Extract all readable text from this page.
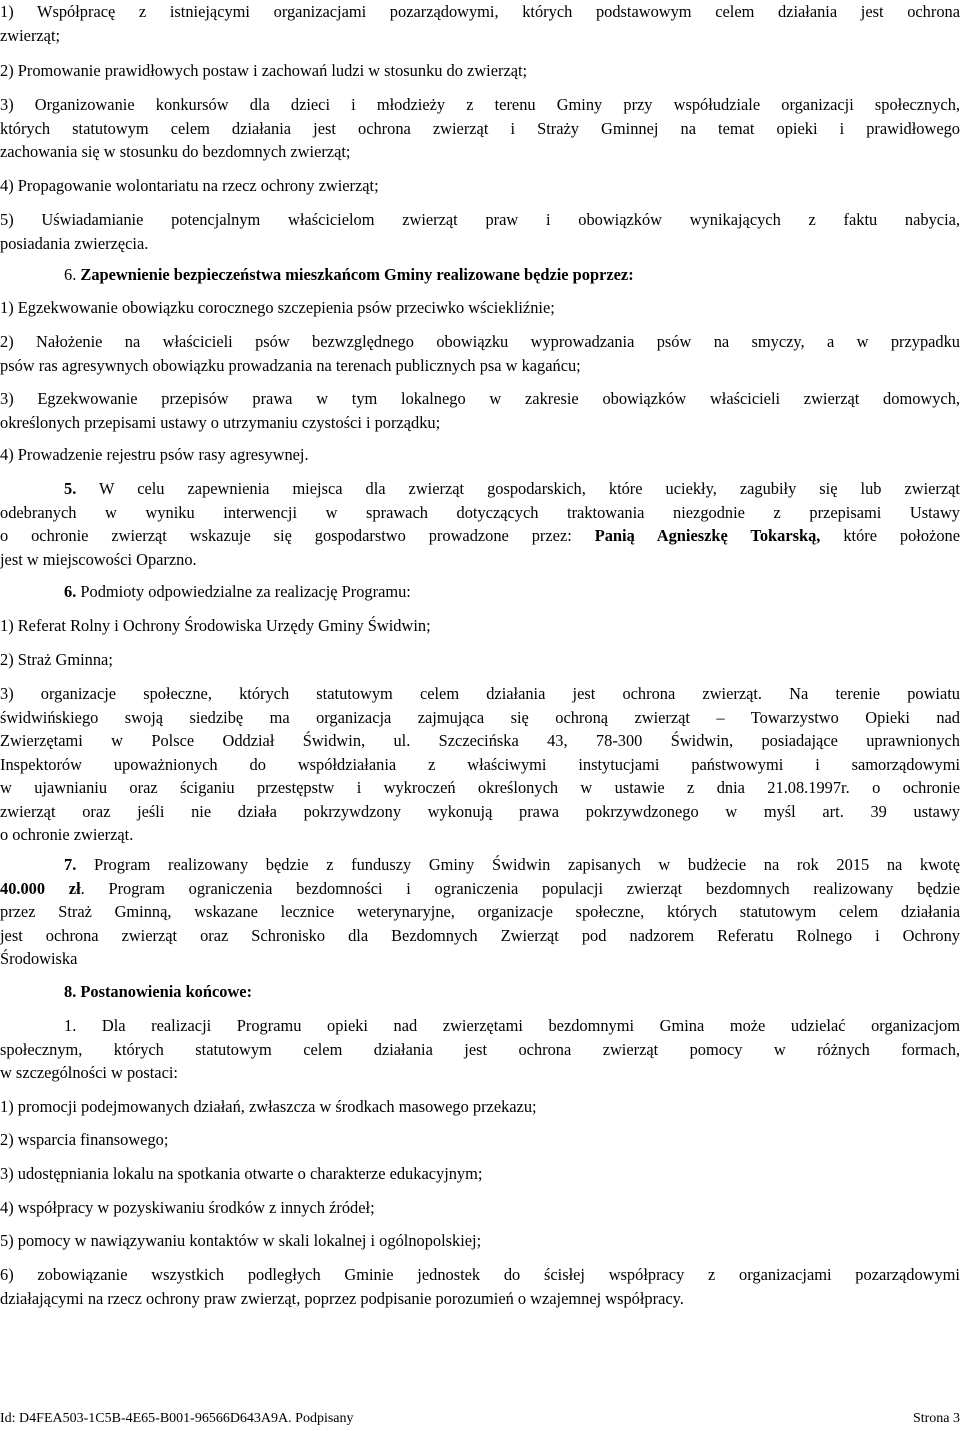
1) Współpracę z istniejącymi organizacjami pozarządowymi, których podstawowym celem działania jest ochrona
zwierząt;
2) Promowanie prawidłowych postaw i zachowań ludzi w stosunku do zwierząt;
3) Organizowanie konkursów dla dzieci i młodzieży z terenu Gminy przy współudziale organizacji społecznych,
których statutowym celem działania jest ochrona zwierząt i Straży Gminnej na temat opieki i prawidłowego
zachowania się w stosunku do bezdomnych zwierząt;
4) Propagowanie wolontariatu na rzecz ochrony zwierząt;
5) Uświadamianie potencjalnym właścicielom zwierząt praw i obowiązków wynikających z faktu nabycia,
posiadania zwierzęcia.
6. Zapewnienie bezpieczeństwa mieszkańcom Gminy realizowane będzie poprzez:
1) Egzekwowanie obowiązku corocznego szczepienia psów przeciwko wściekliźnie;
2) Nałożenie na właścicieli psów bezwzględnego obowiązku wyprowadzania psów na smyczy, a w przypadku
psów ras agresywnych obowiązku prowadzania na terenach publicznych psa w kagańcu;
3) Egzekwowanie przepisów prawa w tym lokalnego w zakresie obowiązków właścicieli zwierząt domowych,
określonych przepisami ustawy o utrzymaniu czystości i porządku;
4) Prowadzenie rejestru psów rasy agresywnej.
5. W celu zapewnienia miejsca dla zwierząt gospodarskich, które uciekły, zagubiły się lub zwierząt
odebranych w wyniku interwencji w sprawach dotyczących traktowania niezgodnie z przepisami Ustawy
o ochronie zwierząt wskazuje się gospodarstwo prowadzone przez: Panią Agnieszkę Tokarską, które położone
jest w miejscowości Oparzno.
6. Podmioty odpowiedzialne za realizację Programu:
1) Referat Rolny i Ochrony Środowiska Urzędy Gminy Świdwin;
2) Straż Gminna;
3) organizacje społeczne, których statutowym celem działania jest ochrona zwierząt. Na terenie powiatu
świdwińskiego swoją siedzibę ma organizacja zajmująca się ochroną zwierząt – Towarzystwo Opieki nad
Zwierzętami w Polsce Oddział Świdwin, ul. Szczecińska 43, 78-300 Świdwin, posiadające uprawnionych
Inspektorów upoważnionych do współdziałania z właściwymi instytucjami państwowymi i samorządowymi
w ujawnianiu oraz ściganiu przestępstw i wykroczeń określonych w ustawie z dnia 21.08.1997r. o ochronie
zwierząt oraz jeśli nie działa pokrzywdzony wykonują prawa pokrzywdzonego w myśl art. 39 ustawy
o ochronie zwierząt.
7. Program realizowany będzie z funduszy Gminy Świdwin zapisanych w budżecie na rok 2015 na kwotę
40.000 zł. Program ograniczenia bezdomności i ograniczenia populacji zwierząt bezdomnych realizowany będzie
przez Straż Gminną, wskazane lecznice weterynaryjne, organizacje społeczne, których statutowym celem działania
jest ochrona zwierząt oraz Schronisko dla Bezdomnych Zwierząt pod nadzorem Referatu Rolnego i Ochrony
Środowiska
8. Postanowienia końcowe:
1. Dla realizacji Programu opieki nad zwierzętami bezdomnymi Gmina może udzielać organizacjom
społecznym, których statutowym celem działania jest ochrona zwierząt pomocy w różnych formach,
w szczególności w postaci:
1) promocji podejmowanych działań, zwłaszcza w środkach masowego przekazu;
2) wsparcia finansowego;
3) udostępniania lokalu na spotkania otwarte o charakterze edukacyjnym;
4) współpracy w pozyskiwaniu środków z innych źródeł;
5) pomocy w nawiązywaniu kontaktów w skali lokalnej i ogólnopolskiej;
6) zobowiązanie wszystkich podległych Gminie jednostek do ścisłej współpracy z organizacjami pozarządowymi
działającymi na rzecz ochrony praw zwierząt, poprzez podpisanie porozumień o wzajemnej współpracy.
Id: D4FEA503-1C5B-4E65-B001-96566D643A9A. Podpisany	Strona 3
